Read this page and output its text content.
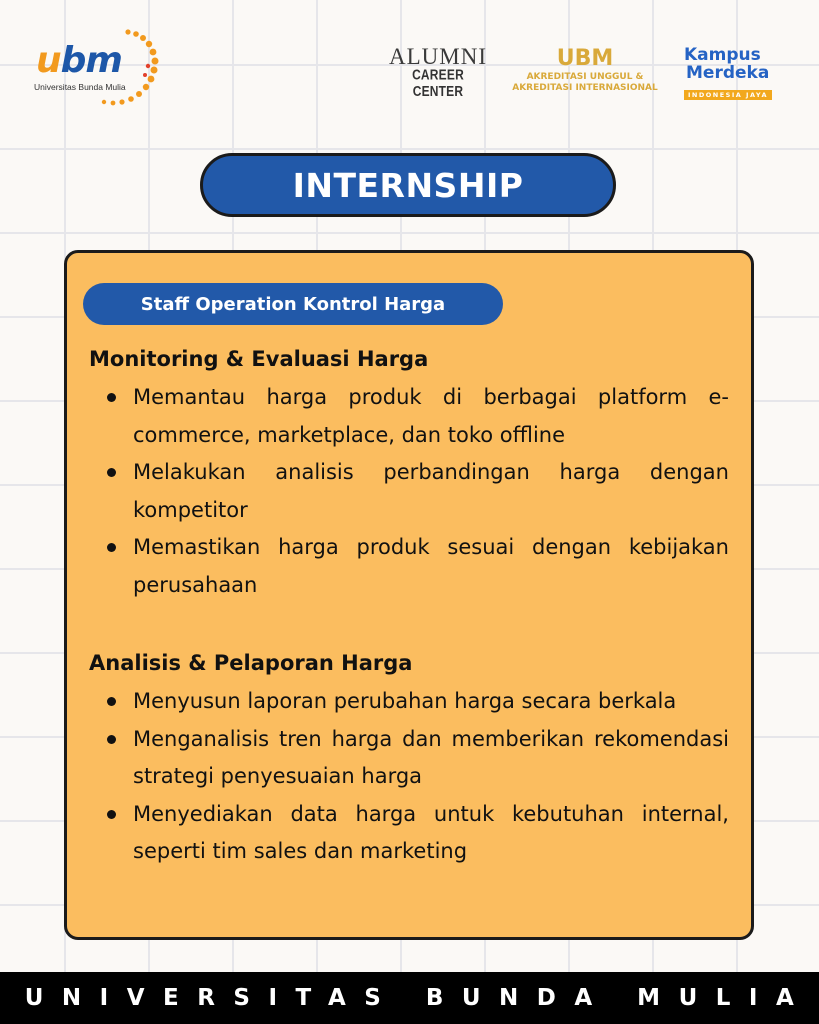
ubm
Universitas Bunda Mulia
ALUMNI
CAREER CENTER
UBM
AKREDITASI UNGGUL &
AKREDITASI INTERNASIONAL
Kampus
Merdeka
INDONESIA JAYA
INTERNSHIP
Staff Operation Kontrol Harga
Monitoring & Evaluasi Harga
Memantau harga produk di berbagai platform e-commerce, marketplace, dan toko offline
Melakukan analisis perbandingan harga dengan kompetitor
Memastikan harga produk sesuai dengan kebijakan perusahaan
Analisis & Pelaporan Harga
Menyusun laporan perubahan harga secara berkala
Menganalisis tren harga dan memberikan rekomendasi strategi penyesuaian harga
Menyediakan data harga untuk kebutuhan internal, seperti tim sales dan marketing
UNIVERSITAS BUNDA MULIA
